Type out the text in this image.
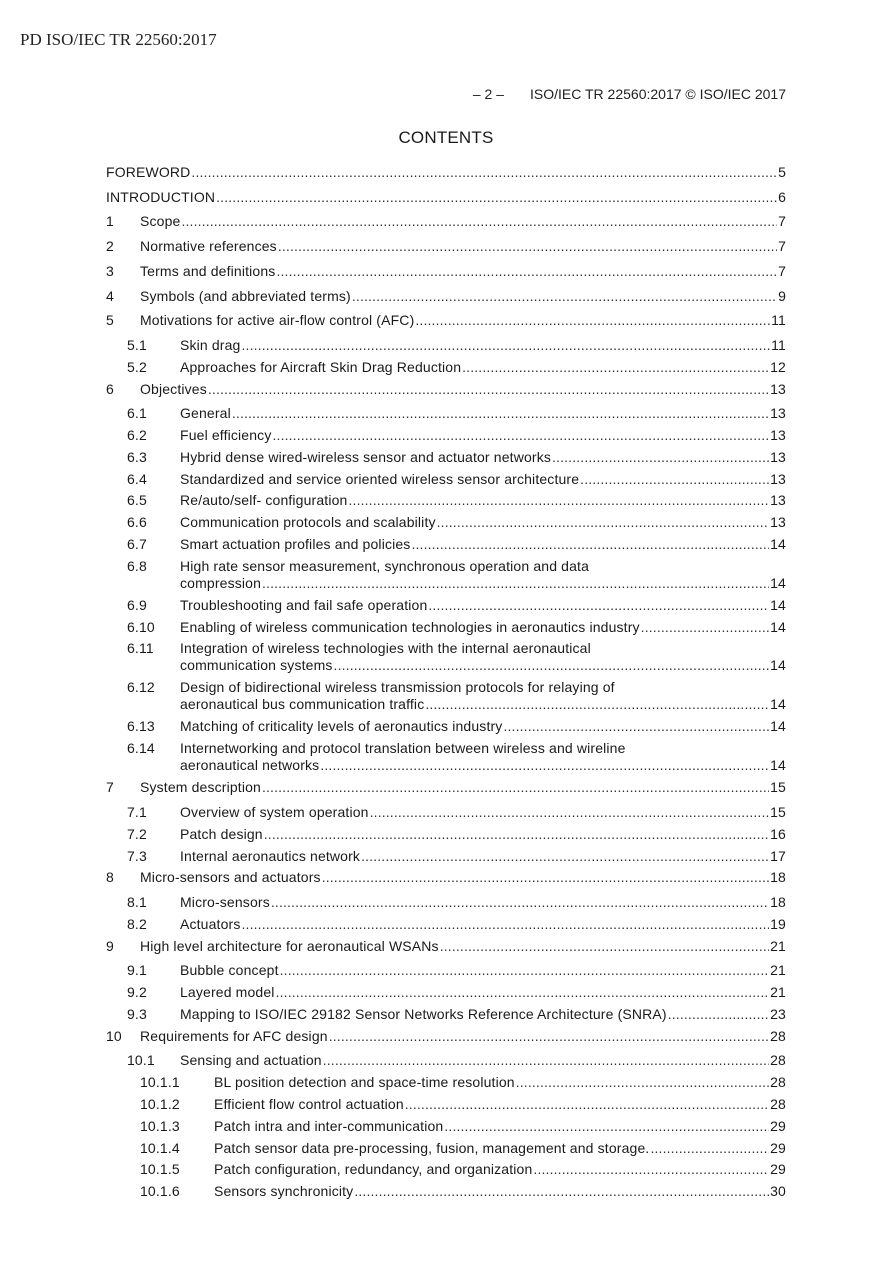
PD ISO/IEC TR 22560:2017
– 2 – ISO/IEC TR 22560:2017 © ISO/IEC 2017
CONTENTS
FOREWORD .....	5
INTRODUCTION .....	6
1 Scope .....	7
2 Normative references .....	7
3 Terms and definitions .....	7
4 Symbols (and abbreviated terms) .....	9
5 Motivations for active air-flow control (AFC) .....	11
5.1 Skin drag .....	11
5.2 Approaches for Aircraft Skin Drag Reduction .....	12
6 Objectives .....	13
6.1 General .....	13
6.2 Fuel efficiency .....	13
6.3 Hybrid dense wired-wireless sensor and actuator networks .....	13
6.4 Standardized and service oriented wireless sensor architecture .....	13
6.5 Re/auto/self- configuration .....	13
6.6 Communication protocols and scalability .....	13
6.7 Smart actuation profiles and policies .....	14
6.8	High rate sensor measurement, synchronous operation and data
compression .....	14
6.9 Troubleshooting and fail safe operation .....	14
6.10 Enabling of wireless communication technologies in aeronautics industry .....	14
6.11	Integration of wireless technologies with the internal aeronautical
communication systems .....	14
6.12	Design of bidirectional wireless transmission protocols for relaying of
aeronautical bus communication traffic .....	14
6.13 Matching of criticality levels of aeronautics industry .....	14
6.14	Internetworking and protocol translation between wireless and wireline
aeronautical networks .....	14
7 System description .....	15
7.1 Overview of system operation .....	15
7.2 Patch design .....	16
7.3 Internal aeronautics network .....	17
8 Micro-sensors and actuators .....	18
8.1 Micro-sensors .....	18
8.2 Actuators .....	19
9 High level architecture for aeronautical WSANs .....	21
9.1 Bubble concept .....	21
9.2 Layered model .....	21
9.3 Mapping to ISO/IEC 29182 Sensor Networks Reference Architecture (SNRA) .....	23
10 Requirements for AFC design .....	28
10.1 Sensing and actuation .....	28
10.1.1 BL position detection and space-time resolution .....	28
10.1.2 Efficient flow control actuation .....	28
10.1.3 Patch intra and inter-communication .....	29
10.1.4 Patch sensor data pre-processing, fusion, management and storage. .....	29
10.1.5 Patch configuration, redundancy, and organization .....	29
10.1.6 Sensors synchronicity .....	30
